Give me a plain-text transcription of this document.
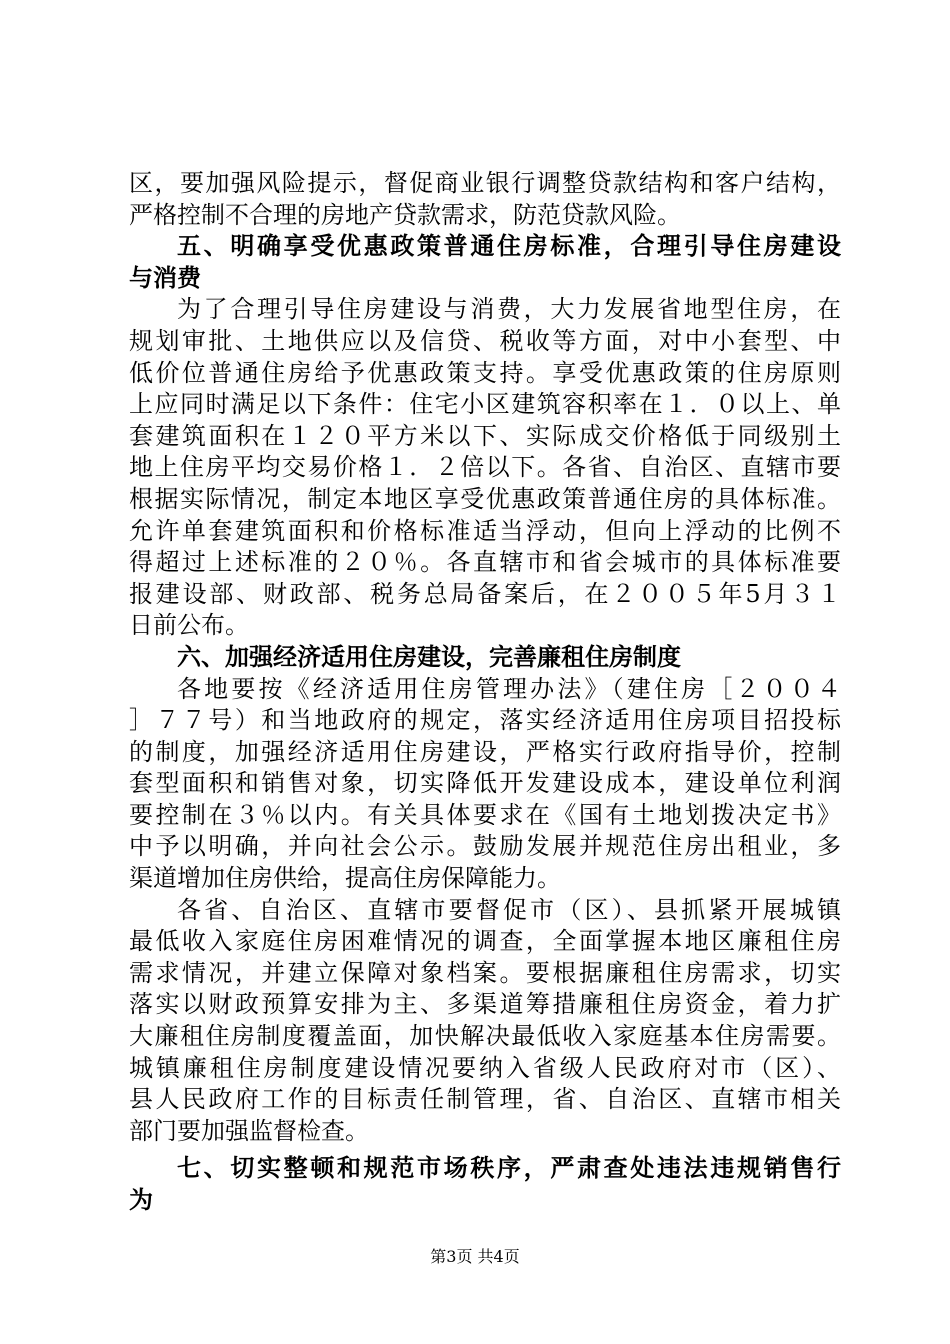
区，要加强风险提示，督促商业银行调整贷款结构和客户结构，
严格控制不合理的房地产贷款需求，防范贷款风险。
五、明确享受优惠政策普通住房标准，合理引导住房建设
与消费
为了合理引导住房建设与消费，大力发展省地型住房，在
规划审批、土地供应以及信贷、税收等方面，对中小套型、中
低价位普通住房给予优惠政策支持。享受优惠政策的住房原则
上应同时满足以下条件：住宅小区建筑容积率在１．０以上、单
套建筑面积在１２０平方米以下、实际成交价格低于同级别土
地上住房平均交易价格１．２倍以下。各省、自治区、直辖市要
根据实际情况，制定本地区享受优惠政策普通住房的具体标准。
允许单套建筑面积和价格标准适当浮动，但向上浮动的比例不
得超过上述标准的２０％。各直辖市和省会城市的具体标准要
报建设部、财政部、税务总局备案后，在２００５年5月３１
日前公布。
六、加强经济适用住房建设，完善廉租住房制度
各地要按《经济适用住房管理办法》（建住房［２００４
］７７号）和当地政府的规定，落实经济适用住房项目招投标
的制度，加强经济适用住房建设，严格实行政府指导价，控制
套型面积和销售对象，切实降低开发建设成本，建设单位利润
要控制在３％以内。有关具体要求在《国有土地划拨决定书》
中予以明确，并向社会公示。鼓励发展并规范住房出租业，多
渠道增加住房供给，提高住房保障能力。
各省、自治区、直辖市要督促市（区）、县抓紧开展城镇
最低收入家庭住房困难情况的调查，全面掌握本地区廉租住房
需求情况，并建立保障对象档案。要根据廉租住房需求，切实
落实以财政预算安排为主、多渠道筹措廉租住房资金，着力扩
大廉租住房制度覆盖面，加快解决最低收入家庭基本住房需要。
城镇廉租住房制度建设情况要纳入省级人民政府对市（区）、
县人民政府工作的目标责任制管理，省、自治区、直辖市相关
部门要加强监督检查。
七、切实整顿和规范市场秩序，严肃查处违法违规销售行
为
第3页 共4页
